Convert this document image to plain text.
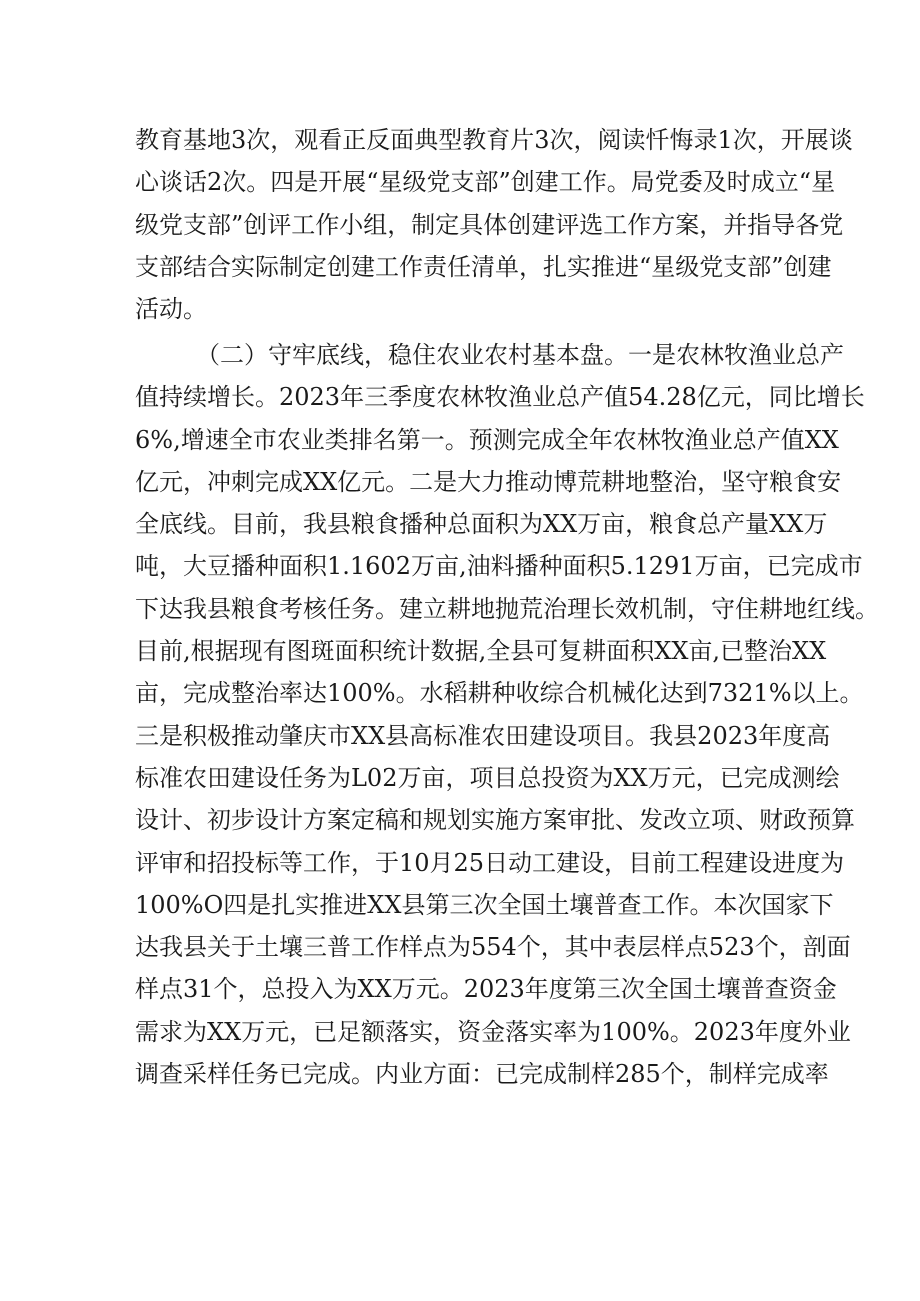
教育基地3次，观看正反面典型教育片3次，阅读忏悔录1次，开展谈
心谈话2次。四是开展“星级党支部”创建工作。局党委及时成立“星
级党支部”创评工作小组，制定具体创建评选工作方案，并指导各党
支部结合实际制定创建工作责任清单，扎实推进“星级党支部”创建
活动。
（二）守牢底线，稳住农业农村基本盘。一是农林牧渔业总产
值持续增长。2023年三季度农林牧渔业总产值54.28亿元，同比增长
6%,增速全市农业类排名第一。预测完成全年农林牧渔业总产值XX
亿元，冲刺完成XX亿元。二是大力推动博荒耕地整治，坚守粮食安
全底线。目前，我县粮食播种总面积为XX万亩，粮食总产量XX万
吨，大豆播种面积1.1602万亩,油料播种面积5.1291万亩，已完成市
下达我县粮食考核任务。建立耕地抛荒治理长效机制，守住耕地红线。
目前,根据现有图斑面积统计数据,全县可复耕面积XX亩,已整治XX
亩，完成整治率达100%。水稻耕种收综合机械化达到7321%以上。
三是积极推动肇庆市XX县高标准农田建设项目。我县2023年度高
标准农田建设任务为L02万亩，项目总投资为XX万元，已完成测绘
设计、初步设计方案定稿和规划实施方案审批、发改立项、财政预算
评审和招投标等工作，于10月25日动工建设，目前工程建设进度为
100%O四是扎实推进XX县第三次全国土壤普查工作。本次国家下
达我县关于土壤三普工作样点为554个，其中表层样点523个，剖面
样点31个，总投入为XX万元。2023年度第三次全国土壤普查资金
需求为XX万元，已足额落实，资金落实率为100%。2023年度外业
调查采样任务已完成。内业方面：已完成制样285个，制样完成率
